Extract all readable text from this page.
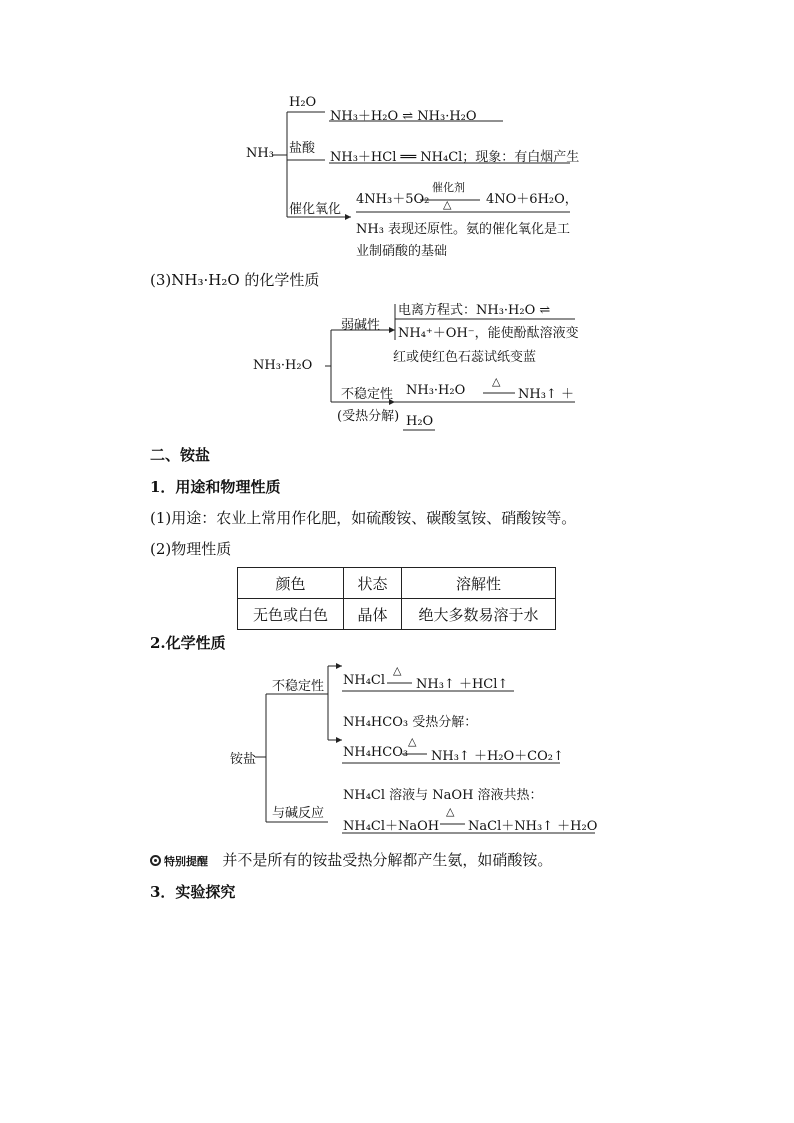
NH₃
H₂O
NH₃＋H₂O ⇌ NH₃·H₂O
盐酸
NH₃＋HCl ══ NH₄Cl；现象：有白烟产生
催化氧化
4NH₃＋5O₂
催化剂
△	4NO＋6H₂O，
NH₃ 表现还原性。氨的催化氧化是工
业制硝酸的基础
(3)NH₃·H₂O 的化学性质
NH₃·H₂O
弱碱性
电离方程式：NH₃·H₂O ⇌
NH₄⁺＋OH⁻，能使酚酞溶液变
红或使红色石蕊试纸变蓝
不稳定性
(受热分解)
NH₃·H₂O
△
NH₃↑ ＋
H₂O
二、铵盐
1．用途和物理性质
(1)用途：农业上常用作化肥，如硫酸铵、碳酸氢铵、硝酸铵等。
(2)物理性质
颜色	状态	溶解性
无色或白色	晶体	绝大多数易溶于水
2.化学性质
铵盐
不稳定性 NH₄Cl
△
NH₃↑ ＋HCl↑
NH₄HCO₃ 受热分解：
NH₄HCO₃
△
NH₃↑ ＋H₂O＋CO₂↑
与碱反应
NH₄Cl 溶液与 NaOH 溶液共热：
NH₄Cl＋NaOH
△
NaCl＋NH₃↑ ＋H₂O
特别提醒 并不是所有的铵盐受热分解都产生氨，如硝酸铵。
3．实验探究
